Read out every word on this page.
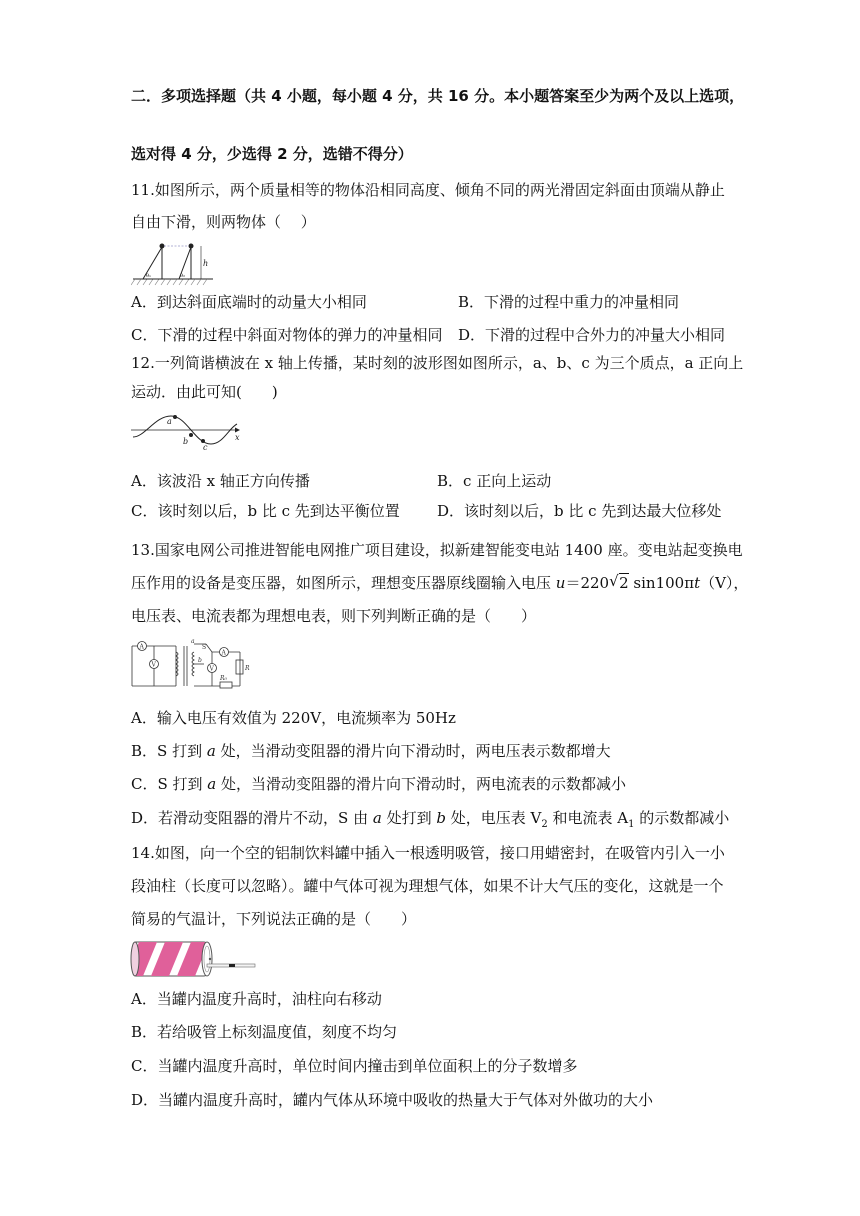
二．多项选择题（共 4 小题，每小题 4 分，共 16 分。本小题答案至少为两个及以上选项，
选对得 4 分，少选得 2 分，选错不得分）
11.如图所示，两个质量相等的物体沿相同高度、倾角不同的两光滑固定斜面由顶端从静止
自由下滑，则两物体（　 ）
h
θ₁	θ₂
A．到达斜面底端时的动量大小相同	B．下滑的过程中重力的冲量相同
C．下滑的过程中斜面对物体的弹力的冲量相同 D．下滑的过程中合外力的冲量大小相同
12.一列简谐横波在 x 轴上传播，某时刻的波形图如图所示，a、b、c 为三个质点，a 正向上
运动．由此可知(　　)
a
b
c
x
A．该波沿 x 轴正方向传播	B．c 正向上运动
C．该时刻以后，b 比 c 先到达平衡位置 D．该时刻以后，b 比 c 先到达最大位移处
13.国家电网公司推进智能电网推广项目建设，拟新建智能变电站 1400 座。变电站起变换电
压作用的设备是变压器，如图所示，理想变压器原线圈输入电压 u＝220 √ 2 sin100πt（V），
电压表、电流表都为理想电表，则下列判断正确的是（　　）
A
V
A
V
a
b
S
R
R₀
A．输入电压有效值为 220V，电流频率为 50Hz
B．S 打到 a 处，当滑动变阻器的滑片向下滑动时，两电压表示数都增大
C．S 打到 a 处，当滑动变阻器的滑片向下滑动时，两电流表的示数都减小
D．若滑动变阻器的滑片不动，S 由 a 处打到 b 处，电压表 $V_2$ 和电流表 $A_1$ 的示数都减小
14.如图，向一个空的铝制饮料罐中插入一根透明吸管，接口用蜡密封，在吸管内引入一小
段油柱（长度可以忽略）。罐中气体可视为理想气体，如果不计大气压的变化，这就是一个
简易的气温计，下列说法正确的是（　　）
A．当罐内温度升高时，油柱向右移动
B．若给吸管上标刻温度值，刻度不均匀
C．当罐内温度升高时，单位时间内撞击到单位面积上的分子数增多
D．当罐内温度升高时，罐内气体从环境中吸收的热量大于气体对外做功的大小
